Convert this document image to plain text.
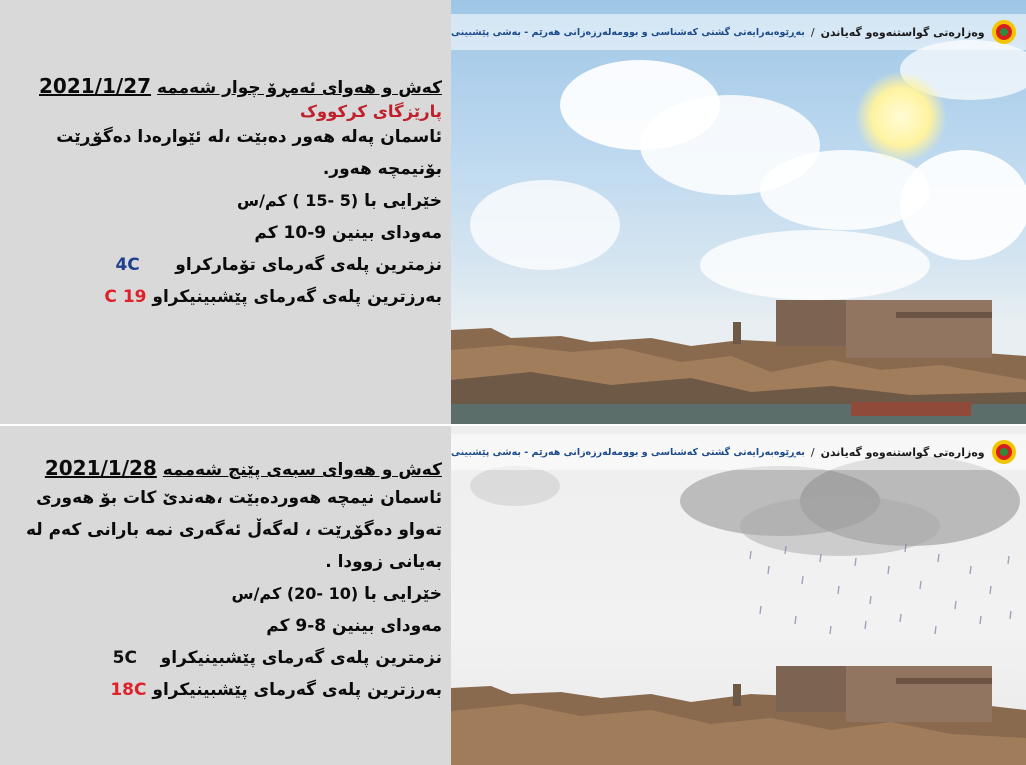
وەزارەتی گواستنەوەو گەیاندن
/
بەڕێوەبەرایەتی گشتی کەشناسی و بوومەلەرزەزانی هەرێم - بەشی پێشبینی
کەش و هەوای ئەمڕۆ چوار شەممە 2021/1/27
پارێزگای کرکووک
ئاسمان پەلە هەور دەبێت ،لە ئێوارەدا دەگۆڕێت
بۆنیمچە هەور.
خێرایی با (5 -15 ) کم/س
مەودای بینین 9-10 کم
نزمترین پلەی گەرمای تۆمارکراو      4C
بەرزترین پلەی گەرمای پێشبینیکراو 19 C
وەزارەتی گواستنەوەو گەیاندن
/
بەڕێوەبەرایەتی گشتی کەشناسی و بوومەلەرزەزانی هەرێم - بەشی پێشبینی
کەش و هەوای سبەی پێنج شەممە 2021/1/28
ئاسمان نیمچە هەوردەبێت ،هەندێ کات بۆ هەوری
تەواو دەگۆڕێت ، لەگەڵ ئەگەری نمە بارانی کەم لە
بەیانی زوودا .
خێرایی با (10 -20) کم/س
مەودای بینین 8-9 کم
نزمترین پلەی گەرمای پێشبینیکراو    5C
بەرزترین پلەی گەرمای پێشبینیکراو 18C
